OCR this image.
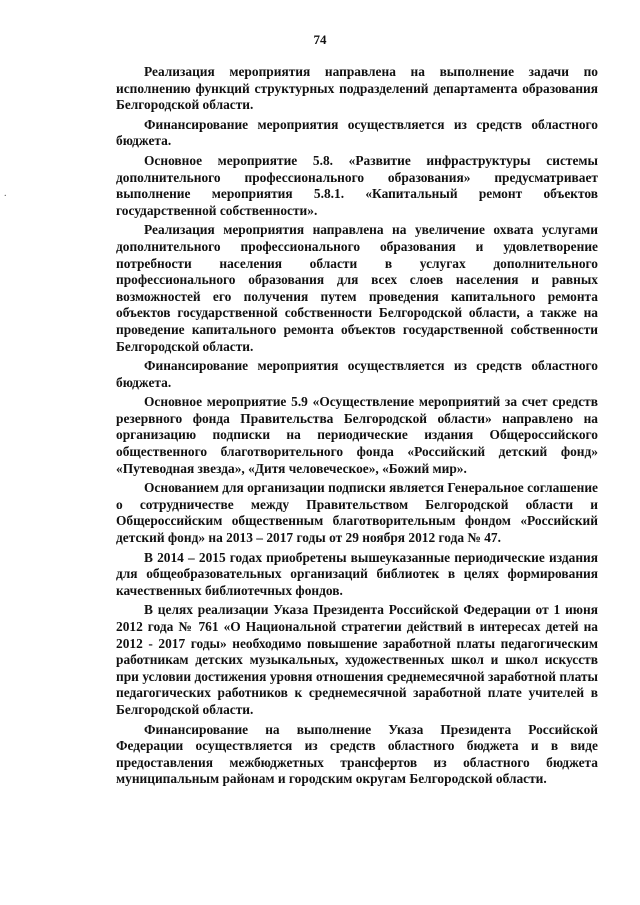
74
.

Реализация мероприятия направлена на выполнение задачи по исполнению функций структурных подразделений департамента образования Белгородской области.

Финансирование мероприятия осуществляется из средств областного бюджета.

Основное мероприятие 5.8. «Развитие инфраструктуры системы дополнительного профессионального образования» предусматривает выполнение мероприятия 5.8.1. «Капитальный ремонт объектов государственной собственности».

Реализация мероприятия направлена на увеличение охвата услугами дополнительного профессионального образования и удовлетворение потребности населения области в услугах дополнительного профессионального образования для всех слоев населения и равных возможностей его получения путем проведения капитального ремонта объектов государственной собственности Белгородской области, а также на проведение капитального ремонта объектов государственной собственности Белгородской области.

Финансирование мероприятия осуществляется из средств областного бюджета.

Основное мероприятие 5.9 «Осуществление мероприятий за счет средств резервного фонда Правительства Белгородской области» направлено на организацию подписки на периодические издания Общероссийского общественного благотворительного фонда «Российский детский фонд» «Путеводная звезда», «Дитя человеческое», «Божий мир».

Основанием для организации подписки является Генеральное соглашение о сотрудничестве между Правительством Белгородской области и Общероссийским общественным благотворительным фондом «Российский детский фонд» на 2013 – 2017 годы от 29 ноября 2012 года № 47.

В 2014 – 2015 годах приобретены вышеуказанные периодические издания для общеобразовательных организаций библиотек в целях формирования качественных библиотечных фондов.

В целях реализации Указа Президента Российской Федерации от 1 июня 2012 года № 761 «О Национальной стратегии действий в интересах детей на 2012 - 2017 годы» необходимо повышение заработной платы педагогическим работникам детских музыкальных, художественных школ и школ искусств при условии достижения уровня отношения среднемесячной заработной платы педагогических работников к среднемесячной заработной плате учителей в Белгородской области.

Финансирование на выполнение Указа Президента Российской Федерации осуществляется из средств областного бюджета и в виде предоставления межбюджетных трансфертов из областного бюджета муниципальным районам и городским округам Белгородской области.
